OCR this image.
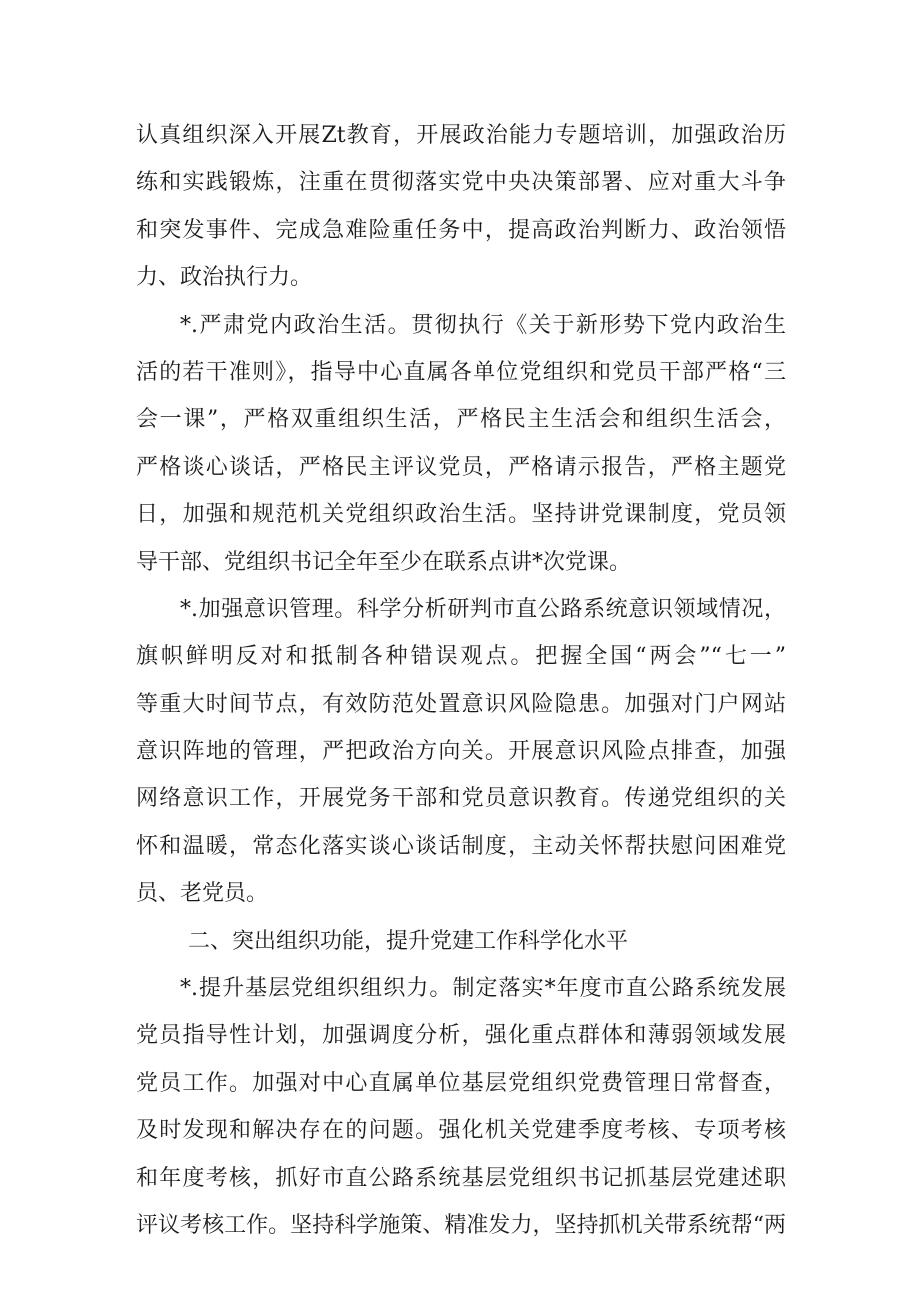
认真组织深入开展Zt教育，开展政治能力专题培训，加强政治历
练和实践锻炼，注重在贯彻落实党中央决策部署、应对重大斗争
和突发事件、完成急难险重任务中，提高政治判断力、政治领悟
力、政治执行力。
*.严肃党内政治生活。贯彻执行《关于新形势下党内政治生
活的若干准则》，指导中心直属各单位党组织和党员干部严格“三
会一课”，严格双重组织生活，严格民主生活会和组织生活会，
严格谈心谈话，严格民主评议党员，严格请示报告，严格主题党
日，加强和规范机关党组织政治生活。坚持讲党课制度，党员领
导干部、党组织书记全年至少在联系点讲*次党课。
*.加强意识管理。科学分析研判市直公路系统意识领域情况，
旗帜鲜明反对和抵制各种错误观点。把握全国“两会”“七一”
等重大时间节点，有效防范处置意识风险隐患。加强对门户网站
意识阵地的管理，严把政治方向关。开展意识风险点排查，加强
网络意识工作，开展党务干部和党员意识教育。传递党组织的关
怀和温暖，常态化落实谈心谈话制度，主动关怀帮扶慰问困难党
员、老党员。
二、突出组织功能，提升党建工作科学化水平
*.提升基层党组织组织力。制定落实*年度市直公路系统发展
党员指导性计划，加强调度分析，强化重点群体和薄弱领域发展
党员工作。加强对中心直属单位基层党组织党费管理日常督查，
及时发现和解决存在的问题。强化机关党建季度考核、专项考核
和年度考核，抓好市直公路系统基层党组织书记抓基层党建述职
评议考核工作。坚持科学施策、精准发力，坚持抓机关带系统帮“两
